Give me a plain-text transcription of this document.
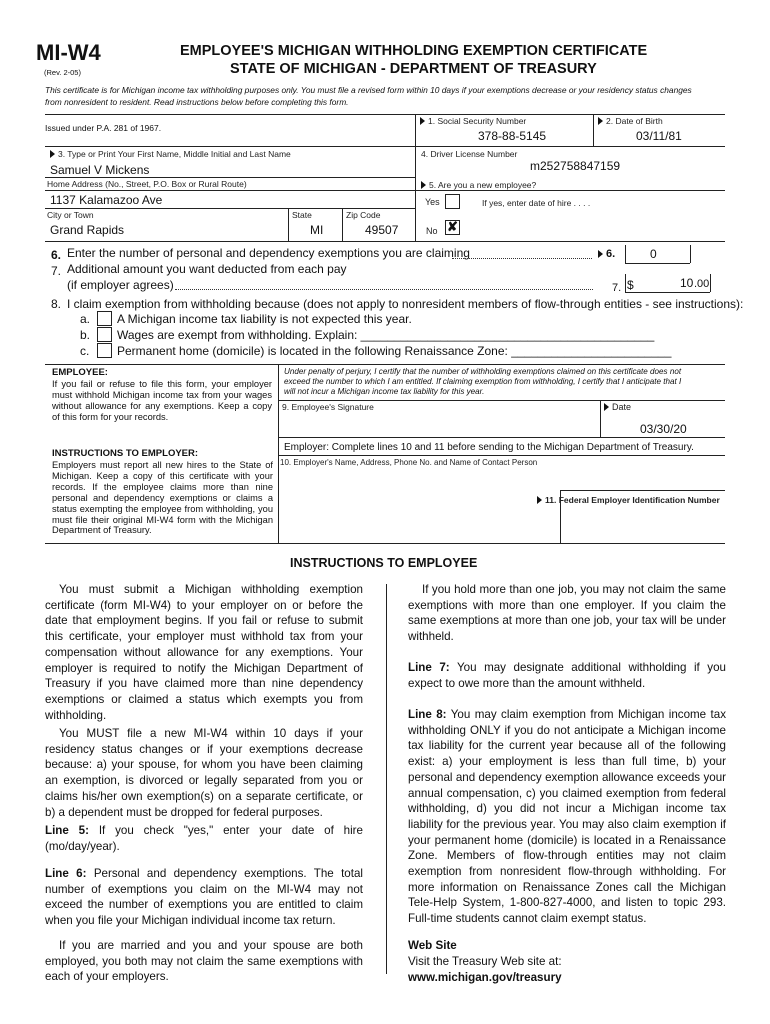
MI-W4
(Rev. 2-05)
EMPLOYEE'S MICHIGAN WITHHOLDING EXEMPTION CERTIFICATE
STATE OF MICHIGAN - DEPARTMENT OF TREASURY
This certificate is for Michigan income tax withholding purposes only. You must file a revised form within 10 days if your exemptions decrease or your residency status changes
from nonresident to resident. Read instructions below before completing this form.
Issued under P.A. 281 of 1967.
1. Social Security Number
378-88-5145
2. Date of Birth
03/11/81
3. Type or Print Your First Name, Middle Initial and Last Name
Samuel V Mickens
4. Driver License Number
m252758847159
Home Address (No., Street, P.O. Box or Rural Route)
1137 Kalamazoo Ave
5. Are you a new employee?
Yes	If yes, enter date of hire . . . .
No ✘
City or Town
Grand Rapids
State
MI
Zip Code
49507
6. Enter the number of personal and dependency exemptions you are claiming	6.	0
7. Additional amount you want deducted from each pay
(if employer agrees)	7. $	10 .00
8. I claim exemption from withholding because (does not apply to nonresident members of flow-through entities - see instructions):
a. A Michigan income tax liability is not expected this year.
b. Wages are exempt from withholding. Explain: ____________________________________________
c. Permanent home (domicile) is located in the following Renaissance Zone: ________________________
EMPLOYEE:
If you fail or refuse to file this form, your employer must withhold Michigan income tax from your wages without allowance for any exemptions. Keep a copy of this form for your records.
INSTRUCTIONS TO EMPLOYER:
Employers must report all new hires to the State of Michigan. Keep a copy of this certificate with your records. If the employee claims more than nine personal and dependency exemptions or claims a status exempting the employee from withholding, you must file their original MI-W4 form with the Michigan Department of Treasury.
Under penalty of perjury, I certify that the number of withholding exemptions claimed on this certificate does not
exceed the number to which I am entitled. If claiming exemption from withholding, I certify that I anticipate that I
will not incur a Michigan income tax liability for this year.
9. Employee's Signature	Date
03/30/20
Employer: Complete lines 10 and 11 before sending to the Michigan Department of Treasury.
10. Employer's Name, Address, Phone No. and Name of Contact Person
11. Federal Employer Identification Number
INSTRUCTIONS TO EMPLOYEE
You must submit a Michigan withholding exemption certificate (form MI-W4) to your employer on or before the date that employment begins. If you fail or refuse to submit this certificate, your employer must withhold tax from your compensation without allowance for any exemptions. Your employer is required to notify the Michigan Department of Treasury if you have claimed more than nine dependency exemptions or claimed a status which exempts you from withholding.
You MUST file a new MI-W4 within 10 days if your residency status changes or if your exemptions decrease because: a) your spouse, for whom you have been claiming an exemption, is divorced or legally separated from you or claims his/her own exemption(s) on a separate certificate, or b) a dependent must be dropped for federal purposes.
Line 5: If you check "yes," enter your date of hire (mo/day/year).
Line 6: Personal and dependency exemptions. The total number of exemptions you claim on the MI-W4 may not exceed the number of exemptions you are entitled to claim when you file your Michigan individual income tax return.
If you are married and you and your spouse are both employed, you both may not claim the same exemptions with each of your employers.
If you hold more than one job, you may not claim the same exemptions with more than one employer. If you claim the same exemptions at more than one job, your tax will be under withheld.
Line 7: You may designate additional withholding if you expect to owe more than the amount withheld.
Line 8: You may claim exemption from Michigan income tax withholding ONLY if you do not anticipate a Michigan income tax liability for the current year because all of the following exist: a) your employment is less than full time, b) your personal and dependency exemption allowance exceeds your annual compensation, c) you claimed exemption from federal withholding, d) you did not incur a Michigan income tax liability for the previous year. You may also claim exemption if your permanent home (domicile) is located in a Renaissance Zone. Members of flow-through entities may not claim exemption from nonresident flow-through withholding. For more information on Renaissance Zones call the Michigan Tele-Help System, 1-800-827-4000, and listen to topic 293. Full-time students cannot claim exempt status.
Web Site
Visit the Treasury Web site at:
www.michigan.gov/treasury
